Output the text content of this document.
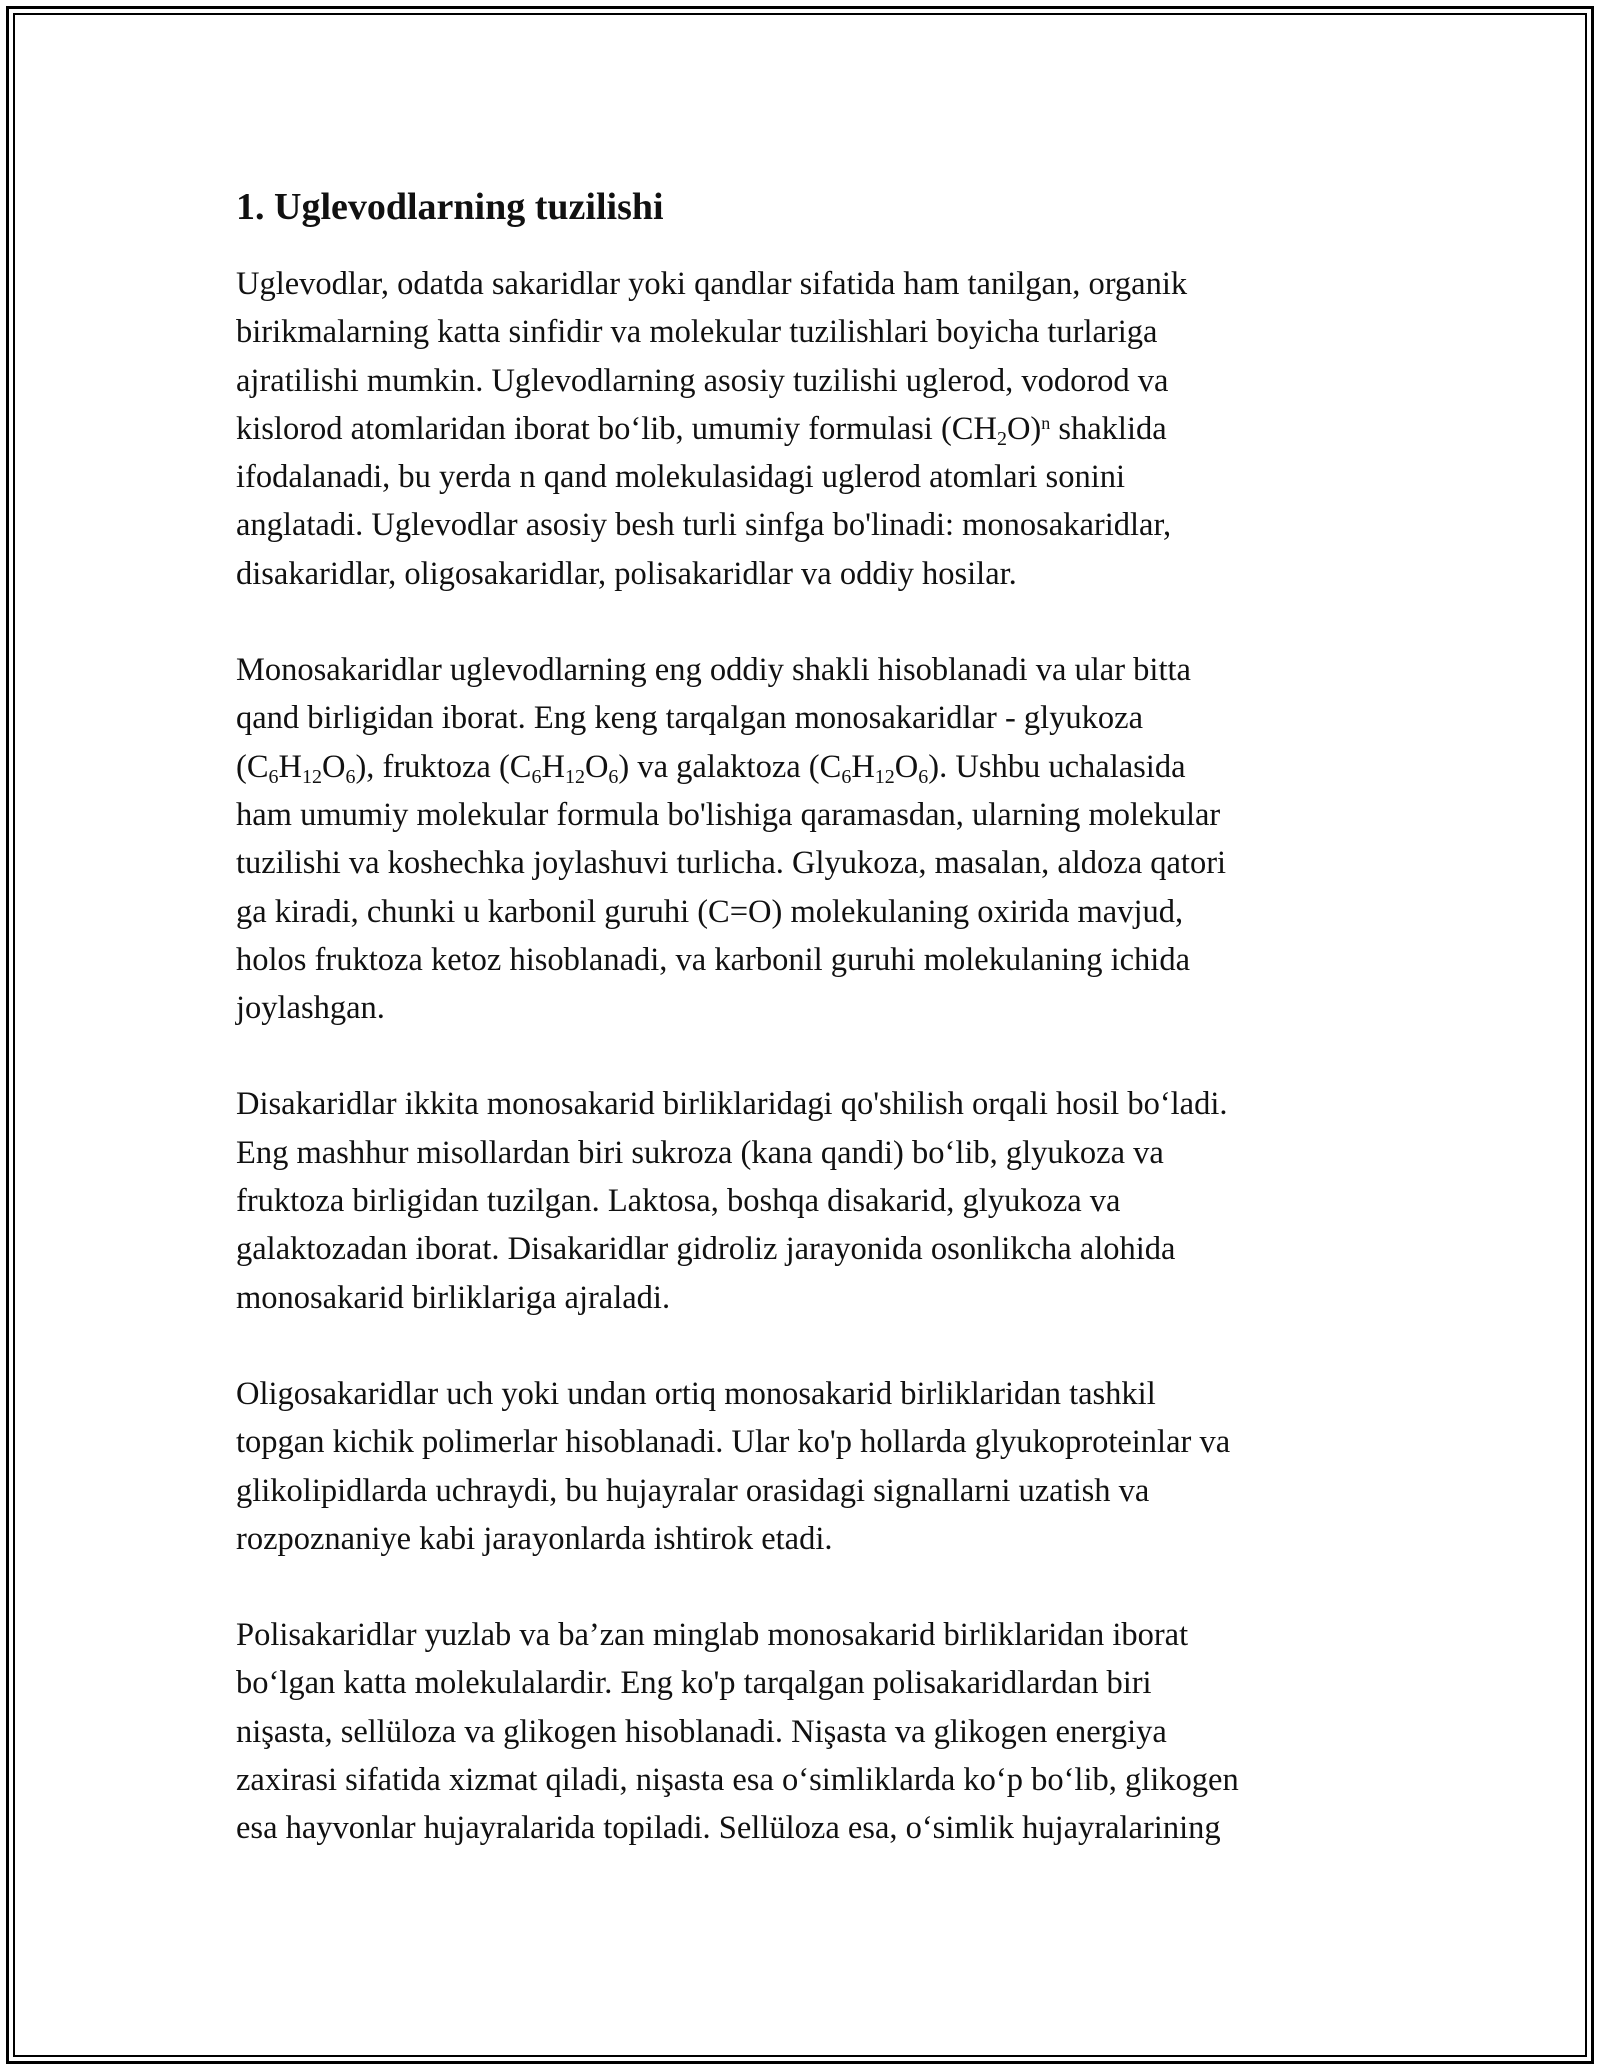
1. Uglevodlarning tuzilishi

Uglevodlar, odatda sakaridlar yoki qandlar sifatida ham tanilgan, organik
birikmalarning katta sinfidir va molekular tuzilishlari boyicha turlariga
ajratilishi mumkin. Uglevodlarning asosiy tuzilishi uglerod, vodorod va
kislorod atomlaridan iborat bo‘lib, umumiy formulasi $(CH_2O)^n$ shaklida
ifodalanadi, bu yerda n qand molekulasidagi uglerod atomlari sonini
anglatadi. Uglevodlar asosiy besh turli sinfga bo'linadi: monosakaridlar,
disakaridlar, oligosakaridlar, polisakaridlar va oddiy hosilar.

Monosakaridlar uglevodlarning eng oddiy shakli hisoblanadi va ular bitta
qand birligidan iborat. Eng keng tarqalgan monosakaridlar - glyukoza
$(C_6H_{12}O_6)$, fruktoza $(C_6H_{12}O_6)$ va galaktoza $(C_6H_{12}O_6)$. Ushbu uchalasida
ham umumiy molekular formula bo'lishiga qaramasdan, ularning molekular
tuzilishi va koshechka joylashuvi turlicha. Glyukoza, masalan, aldoza qatori
ga kiradi, chunki u karbonil guruhi (C=O) molekulaning oxirida mavjud,
holos fruktoza ketoz hisoblanadi, va karbonil guruhi molekulaning ichida
joylashgan.

Disakaridlar ikkita monosakarid birliklaridagi qo'shilish orqali hosil bo‘ladi.
Eng mashhur misollardan biri sukroza (kana qandi) bo‘lib, glyukoza va
fruktoza birligidan tuzilgan. Laktosa, boshqa disakarid, glyukoza va
galaktozadan iborat. Disakaridlar gidroliz jarayonida osonlikcha alohida
monosakarid birliklariga ajraladi.

Oligosakaridlar uch yoki undan ortiq monosakarid birliklaridan tashkil
topgan kichik polimerlar hisoblanadi. Ular ko'p hollarda glyukoproteinlar va
glikolipidlarda uchraydi, bu hujayralar orasidagi signallarni uzatish va
rozpoznaniye kabi jarayonlarda ishtirok etadi.

Polisakaridlar yuzlab va ba’zan minglab monosakarid birliklaridan iborat
bo‘lgan katta molekulalardir. Eng ko'p tarqalgan polisakaridlardan biri
nişasta, sellüloza va glikogen hisoblanadi. Nişasta va glikogen energiya
zaxirasi sifatida xizmat qiladi, nişasta esa o‘simliklarda ko‘p bo‘lib, glikogen
esa hayvonlar hujayralarida topiladi. Sellüloza esa, o‘simlik hujayralarining
